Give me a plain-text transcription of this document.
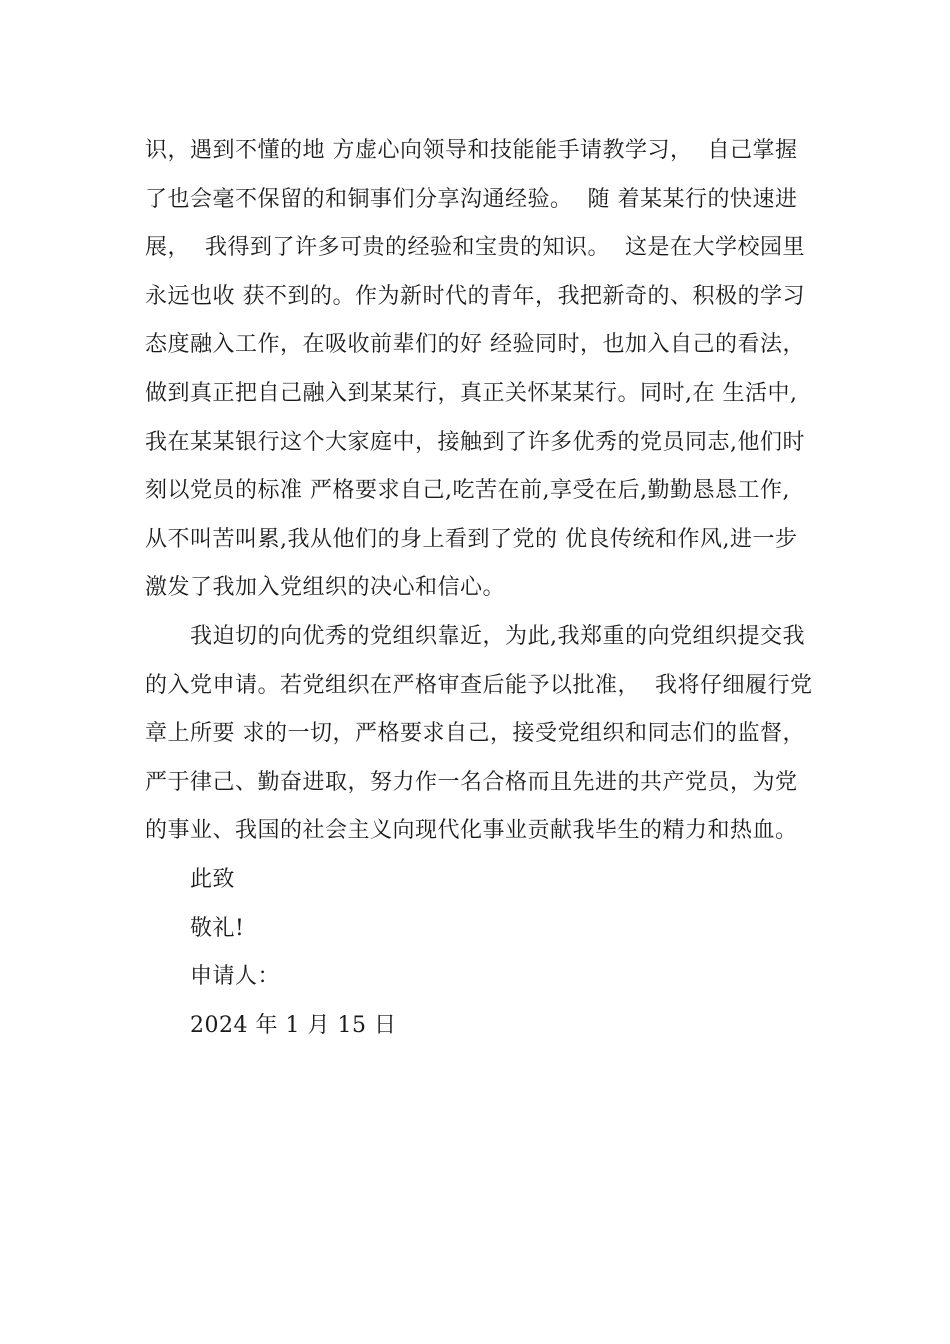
识，遇到不懂的地 方虚心向领导和技能能手请教学习，  自己掌握
了也会毫不保留的和铜事们分享沟通经验。  随 着某某行的快速进
展，  我得到了许多可贵的经验和宝贵的知识。  这是在大学校园里
永远也收 获不到的。作为新时代的青年，我把新奇的、积极的学习
态度融入工作，在吸收前辈们的好 经验同时，也加入自己的看法，
做到真正把自己融入到某某行，真正关怀某某行。同时,在 生活中,
我在某某银行这个大家庭中，接触到了许多优秀的党员同志,他们时
刻以党员的标准 严格要求自己,吃苦在前,享受在后,勤勤恳恳工作,
从不叫苦叫累,我从他们的身上看到了党的 优良传统和作风,进一步
激发了我加入党组织的决心和信心。
我迫切的向优秀的党组织靠近，为此,我郑重的向党组织提交我
的入党申请。若党组织在严格审查后能予以批准，  我将仔细履行党
章上所要 求的一切，严格要求自己，接受党组织和同志们的监督，
严于律己、勤奋进取，努力作一名合格而且先进的共产党员，为党
的事业、我国的社会主义向现代化事业贡献我毕生的精力和热血。
此致
敬礼!
申请人：
2024 年 1 月 15 日
